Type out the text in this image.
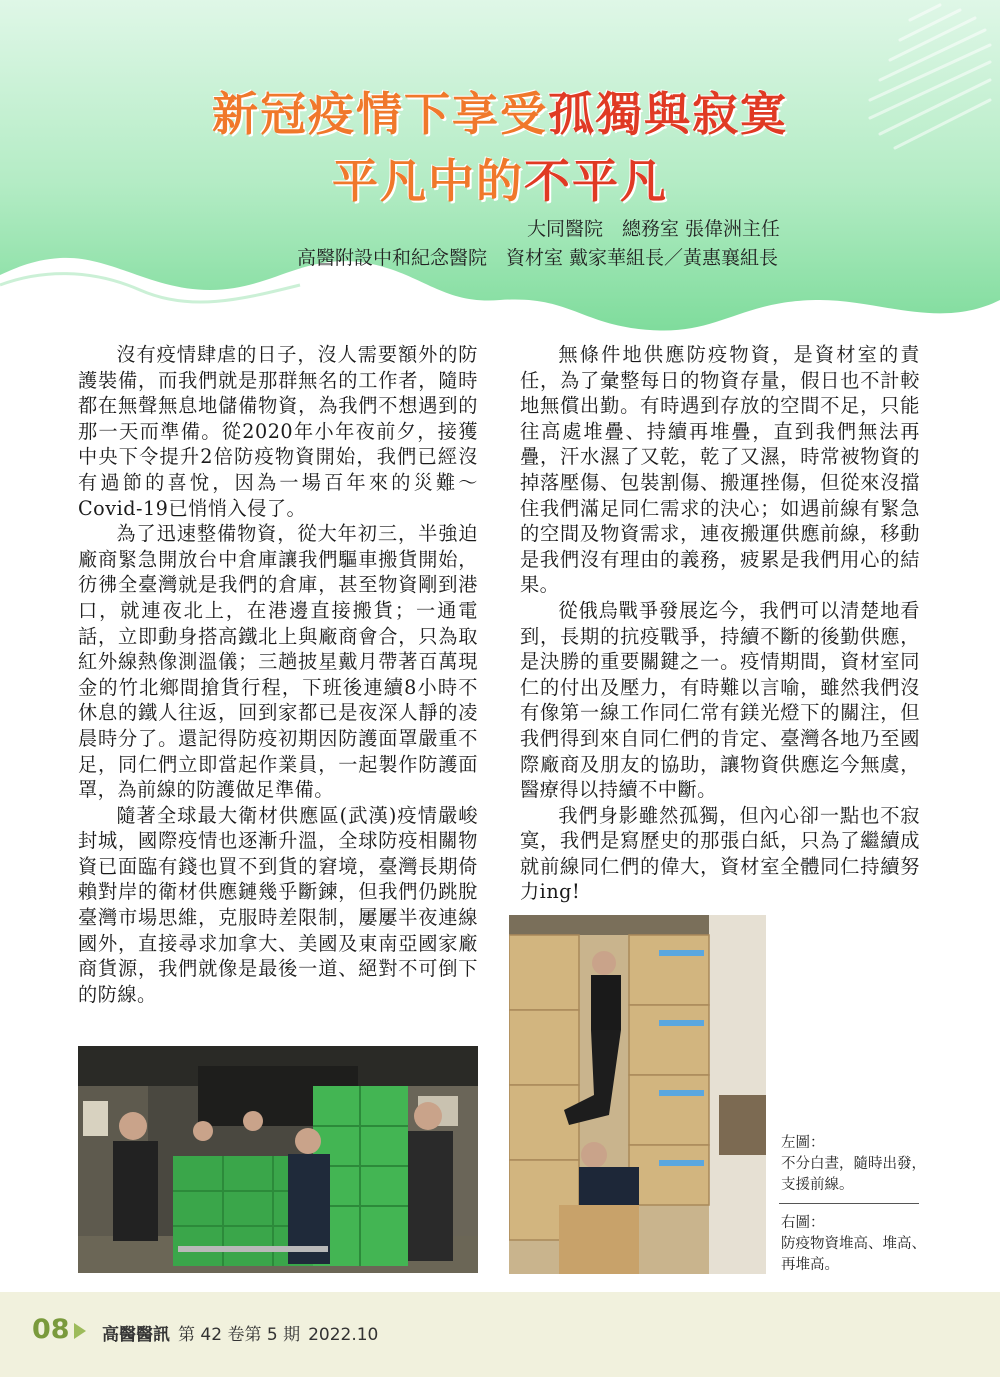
新冠疫情下享受孤獨與寂寞
平凡中的不平凡
大同醫院　總務室 張偉洲主任
高醫附設中和紀念醫院　資材室 戴家華組長／黃惠襄組長

沒有疫情肆虐的日子，沒人需要額外的防護裝備，而我們就是那群無名的工作者，隨時都在無聲無息地儲備物資，為我們不想遇到的那一天而準備。從2020年小年夜前夕，接獲中央下令提升2倍防疫物資開始，我們已經沒有過節的喜悅，因為一場百年來的災難～Covid-19已悄悄入侵了。

為了迅速整備物資，從大年初三，半強迫廠商緊急開放台中倉庫讓我們驅車搬貨開始，彷彿全臺灣就是我們的倉庫，甚至物資剛到港口，就連夜北上，在港邊直接搬貨；一通電話，立即動身搭高鐵北上與廠商會合，只為取紅外線熱像測溫儀；三趟披星戴月帶著百萬現金的竹北鄉間搶貨行程，下班後連續8小時不休息的鐵人往返，回到家都已是夜深人靜的凌晨時分了。還記得防疫初期因防護面罩嚴重不足，同仁們立即當起作業員，一起製作防護面罩，為前線的防護做足準備。

隨著全球最大衛材供應區(武漢)疫情嚴峻封城，國際疫情也逐漸升溫，全球防疫相關物資已面臨有錢也買不到貨的窘境，臺灣長期倚賴對岸的衛材供應鏈幾乎斷鍊，但我們仍跳脫臺灣市場思維，克服時差限制，屢屢半夜連線國外，直接尋求加拿大、美國及東南亞國家廠商貨源，我們就像是最後一道、絕對不可倒下的防線。

無條件地供應防疫物資，是資材室的責任，為了彙整每日的物資存量，假日也不計較地無償出勤。有時遇到存放的空間不足，只能往高處堆疊、持續再堆疊，直到我們無法再疊，汗水濕了又乾，乾了又濕，時常被物資的掉落壓傷、包裝割傷、搬運挫傷，但從來沒擋住我們滿足同仁需求的決心；如遇前線有緊急的空間及物資需求，連夜搬運供應前線，移動是我們沒有理由的義務，疲累是我們用心的結果。

從俄烏戰爭發展迄今，我們可以清楚地看到，長期的抗疫戰爭，持續不斷的後勤供應，是決勝的重要關鍵之一。疫情期間，資材室同仁的付出及壓力，有時難以言喻，雖然我們沒有像第一線工作同仁常有鎂光燈下的關注，但我們得到來自同仁們的肯定、臺灣各地乃至國際廠商及朋友的協助，讓物資供應迄今無虞，醫療得以持續不中斷。

我們身影雖然孤獨，但內心卻一點也不寂寞，我們是寫歷史的那張白紙，只為了繼續成就前線同仁們的偉大，資材室全體同仁持續努力ing!

左圖：
不分白晝，隨時出發，支援前線。
右圖：
防疫物資堆高、堆高、再堆高。
08 高醫醫訊 第 42 卷第 5 期 2022.10
